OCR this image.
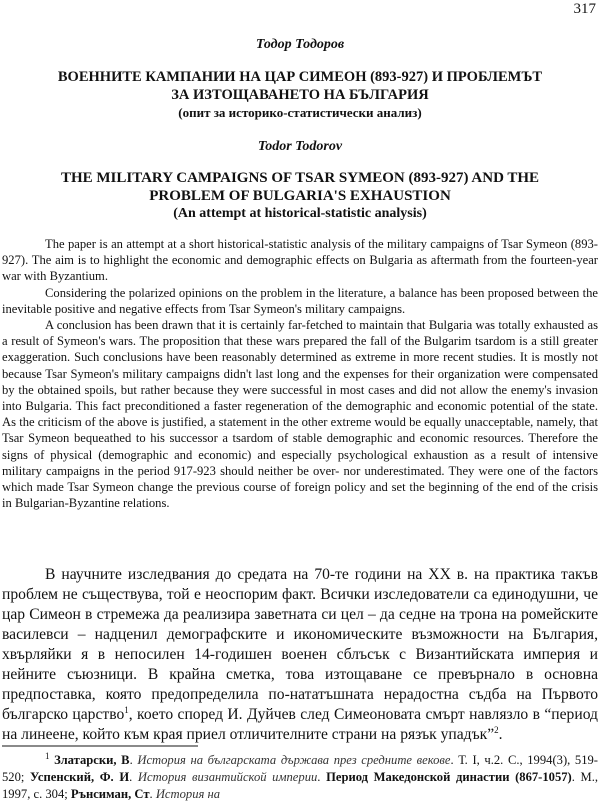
317
Тодор Тодоров
ВОЕННИТЕ КАМПАНИИ НА ЦАР СИМЕОН (893-927) И ПРОБЛЕМЪТ
ЗА ИЗТОЩАВАНЕТО НА БЪЛГАРИЯ
(опит за историко-статистически анализ)
Todor Todorov
THE MILITARY CAMPAIGNS OF TSAR SYMEON (893-927) AND THE
PROBLEM OF BULGARIA'S EXHAUSTION
(An attempt at historical-statistic analysis)

The paper is an attempt at a short historical-statistic analysis of the military campaigns of Tsar Symeon (893-927). The aim is to highlight the economic and demographic effects on Bulgaria as aftermath from the fourteen-year war with Byzantium.

Considering the polarized opinions on the problem in the literature, a balance has been proposed between the inevitable positive and negative effects from Tsar Symeon's military campaigns.

A conclusion has been drawn that it is certainly far-fetched to maintain that Bulgaria was totally exhausted as a result of Symeon's wars. The proposition that these wars prepared the fall of the Bulgarim tsardom is a still greater exaggeration. Such conclusions have been reasonably determined as extreme in more recent studies. It is mostly not because Tsar Symeon's military campaigns didn't last long and the expenses for their organization were compensated by the obtained spoils, but rather because they were successful in most cases and did not allow the enemy's invasion into Bulgaria. This fact preconditioned a faster regeneration of the demographic and economic potential of the state. As the criticism of the above is justified, a statement in the other extreme would be equally unacceptable, namely, that Tsar Symeon bequeathed to his successor a tsardom of stable demographic and economic resources. Therefore the signs of physical (demographic and economic) and especially psychological exhaustion as a result of intensive military campaigns in the period 917-923 should neither be over- nor underestimated. They were one of the factors which made Tsar Symeon change the previous course of foreign policy and set the beginning of the end of the crisis in Bulgarian-Byzantine relations.

В научните изследвания до средата на 70-те години на XX в. на практика такъв проблем не съществува, той е неоспорим факт. Всички изследователи са единодушни, че цар Симеон в стремежа да реализира заветната си цел – да седне на трона на ромейските василевси – надценил демографските и икономическите възможности на България, хвърляйки я в непосилен 14-годишен военен сблъсък с Византийската империя и нейните съюзници. В крайна сметка, това изтощаване се превърнало в основна предпоставка, която предопределила по-нататъшната нерадостна съдба на Първото българско царство$^1$, което според И. Дуйчев след Симеоновата смърт навлязло в “период на линеене, който към края приел отличителните страни на рязък упадък”$^2$.

$^1$ Златарски, В. История на българската държава през средните векове. Т. I, ч.2. С., 1994(3), 519-520; Успенский, Ф. И. История византийской империи. Период Македонской династии (867-1057). М., 1997, с. 304; Рънсиман, Ст. История на
